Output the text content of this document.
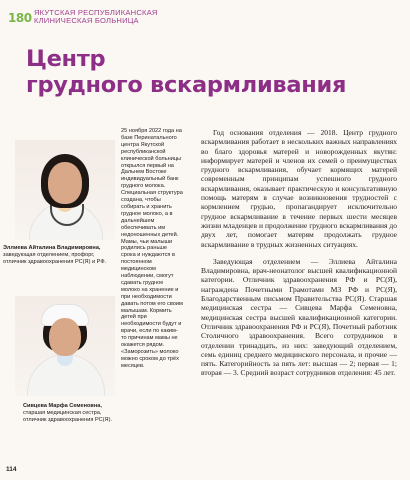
180 ЯКУТСКАЯ РЕСПУБЛИКАНСКАЯ
КЛИНИЧЕСКАЯ БОЛЬНИЦА
Центр
грудного вскармливания
Эллиева Айталина Владимировна, заведующая отделением, профорг, отличник здравоохранения РС(Я) и РФ.
Сивцева Марфа Семеновна, старшая медицинская сестра, отличник здравоохранения РС(Я).
25 ноября 2022 года на базе Перинатального центра Якутской республиканской клинической больницы открылся первый на Дальнем Востоке индивидуальный банк грудного молока. Специальная структура создана, чтобы собирать и хранить грудное молоко, а в дальнейшем обеспечивать им недоношенных детей. Мамы, чьи малыши родились раньше срока и нуждаются в постоянном медицинском наблюдении, смогут сдавать грудное молоко на хранение и при необходимости давать потом его своим малышам. Кормить детей при необходимости будут и врачи, если по каким-то причинам мамы не окажется рядом. «Заморозить» молоко можно сроком до трёх месяцев.

Год основания отделения — 2018. Центр грудного вскармливания работает в нескольких важных направлениях во благо здоровья матерей и новорожденных якутян: информирует матерей и членов их семей о преимуществах грудного вскармливания, обучает кормящих матерей современным принципам успешного грудного вскармливания, оказывает практическую и консультативную помощь матерям в случае возникновения трудностей с кормлением грудью, пропагандирует исключительно грудное вскармливание в течение первых шести месяцев жизни младенцев и продолжение грудного вскармливания до двух лет, помогает матерям продолжать грудное вскармливание в трудных жизненных ситуациях.

Заведующая отделением — Эллиева Айталина Владимировна, врач-неонатолог высшей квалификационной категории. Отличник здравоохранения РФ и РС(Я), награждена Почетными Грамотами МЗ РФ и РС(Я), Благодарственным письмом Правительства РС(Я). Старшая медицинская сестра — Сивцева Марфа Семеновна, медицинская сестра высшей квалификационной категории. Отличник здравоохранения РФ и РС(Я), Почетный работник Столичного здравоохранения. Всего сотрудников в отделении тринадцать, из них: заведующий отделением, семь единиц среднего медицинского персонала, и прочие — пять. Категорийность за пять лет: высшая — 2; первая — 1; вторая — 3. Средний возраст сотрудников отделения: 45 лет.

114
